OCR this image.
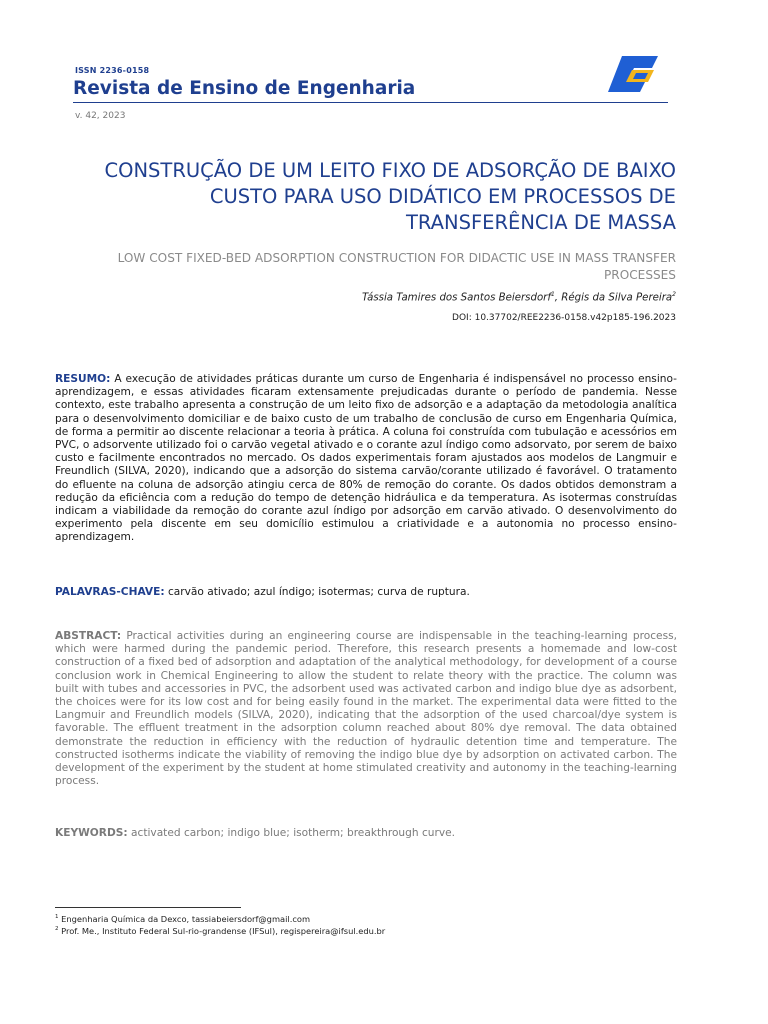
ISSN 2236-0158
Revista de Ensino de Engenharia
v. 42, 2023
CONSTRUÇÃO DE UM LEITO FIXO DE ADSORÇÃO DE BAIXO CUSTO PARA USO DIDÁTICO EM PROCESSOS DE TRANSFERÊNCIA DE MASSA
LOW COST FIXED-BED ADSORPTION CONSTRUCTION FOR DIDACTIC USE IN MASS TRANSFER PROCESSES
Tássia Tamires dos Santos Beiersdorf$^1$, Régis da Silva Pereira$^2$
DOI: 10.37702/REE2236-0158.v42p185-196.2023
RESUMO: A execução de atividades práticas durante um curso de Engenharia é indispensável no processo ensino-aprendizagem, e essas atividades ficaram extensamente prejudicadas durante o período de pandemia. Nesse contexto, este trabalho apresenta a construção de um leito fixo de adsorção e a adaptação da metodologia analítica para o desenvolvimento domiciliar e de baixo custo de um trabalho de conclusão de curso em Engenharia Química, de forma a permitir ao discente relacionar a teoria à prática. A coluna foi construída com tubulação e acessórios em PVC, o adsorvente utilizado foi o carvão vegetal ativado e o corante azul índigo como adsorvato, por serem de baixo custo e facilmente encontrados no mercado. Os dados experimentais foram ajustados aos modelos de Langmuir e Freundlich (SILVA, 2020), indicando que a adsorção do sistema carvão/corante utilizado é favorável. O tratamento do efluente na coluna de adsorção atingiu cerca de 80% de remoção do corante. Os dados obtidos demonstram a redução da eficiência com a redução do tempo de detenção hidráulica e da temperatura. As isotermas construídas indicam a viabilidade da remoção do corante azul índigo por adsorção em carvão ativado. O desenvolvimento do experimento pela discente em seu domicílio estimulou a criatividade e a autonomia no processo ensino-aprendizagem.
PALAVRAS-CHAVE: carvão ativado; azul índigo; isotermas; curva de ruptura.
ABSTRACT: Practical activities during an engineering course are indispensable in the teaching-learning process, which were harmed during the pandemic period. Therefore, this research presents a homemade and low-cost construction of a fixed bed of adsorption and adaptation of the analytical methodology, for development of a course conclusion work in Chemical Engineering to allow the student to relate theory with the practice. The column was built with tubes and accessories in PVC, the adsorbent used was activated carbon and indigo blue dye as adsorbent, the choices were for its low cost and for being easily found in the market. The experimental data were fitted to the Langmuir and Freundlich models (SILVA, 2020), indicating that the adsorption of the used charcoal/dye system is favorable. The effluent treatment in the adsorption column reached about 80% dye removal. The data obtained demonstrate the reduction in efficiency with the reduction of hydraulic detention time and temperature. The constructed isotherms indicate the viability of removing the indigo blue dye by adsorption on activated carbon. The development of the experiment by the student at home stimulated creativity and autonomy in the teaching-learning process.
KEYWORDS: activated carbon; indigo blue; isotherm; breakthrough curve.
$^1$ Engenharia Química da Dexco, tassiabeiersdorf@gmail.com
$^2$ Prof. Me., Instituto Federal Sul-rio-grandense (IFSul), regispereira@ifsul.edu.br
